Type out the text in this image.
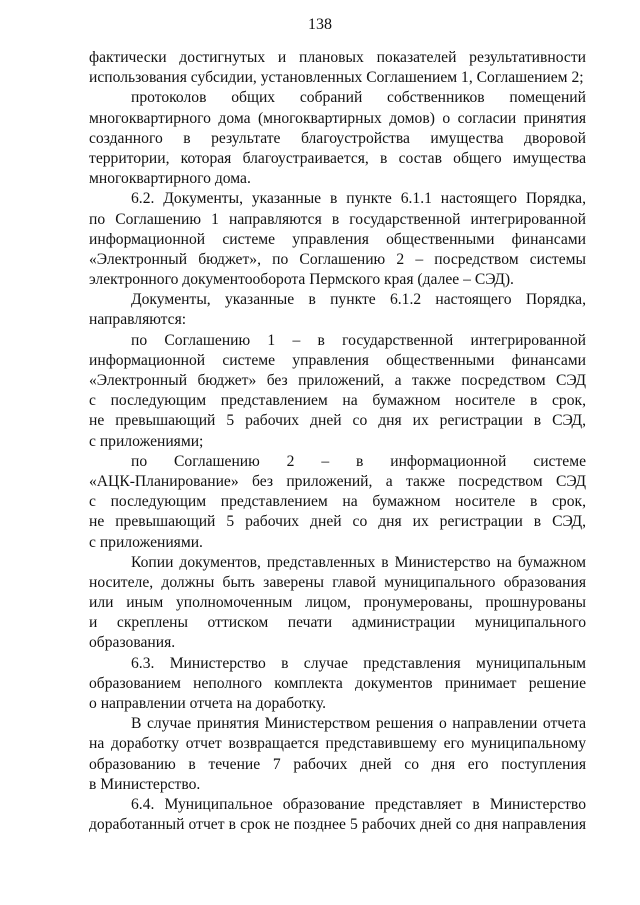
138
фактически достигнутых и плановых показателей результативности
использования субсидии, установленных Соглашением 1, Соглашением 2;
протоколов общих собраний собственников помещений
многоквартирного дома (многоквартирных домов) о согласии принятия
созданного в результате благоустройства имущества дворовой
территории, которая благоустраивается, в состав общего имущества
многоквартирного дома.
6.2. Документы, указанные в пункте 6.1.1 настоящего Порядка,
по Соглашению 1 направляются в государственной интегрированной
информационной системе управления общественными финансами
«Электронный бюджет», по Соглашению 2 – посредством системы
электронного документооборота Пермского края (далее – СЭД).
Документы, указанные в пункте 6.1.2 настоящего Порядка,
направляются:
по Соглашению 1 – в государственной интегрированной
информационной системе управления общественными финансами
«Электронный бюджет» без приложений, а также посредством СЭД
с последующим представлением на бумажном носителе в срок,
не превышающий 5 рабочих дней со дня их регистрации в СЭД,
с приложениями;
по Соглашению 2 – в информационной системе
«АЦК-Планирование» без приложений, а также посредством СЭД
с последующим представлением на бумажном носителе в срок,
не превышающий 5 рабочих дней со дня их регистрации в СЭД,
с приложениями.
Копии документов, представленных в Министерство на бумажном
носителе, должны быть заверены главой муниципального образования
или иным уполномоченным лицом, пронумерованы, прошнурованы
и скреплены оттиском печати администрации муниципального
образования.
6.3. Министерство в случае представления муниципальным
образованием неполного комплекта документов принимает решение
о направлении отчета на доработку.
В случае принятия Министерством решения о направлении отчета
на доработку отчет возвращается представившему его муниципальному
образованию в течение 7 рабочих дней со дня его поступления
в Министерство.
6.4. Муниципальное образование представляет в Министерство
доработанный отчет в срок не позднее 5 рабочих дней со дня направления
